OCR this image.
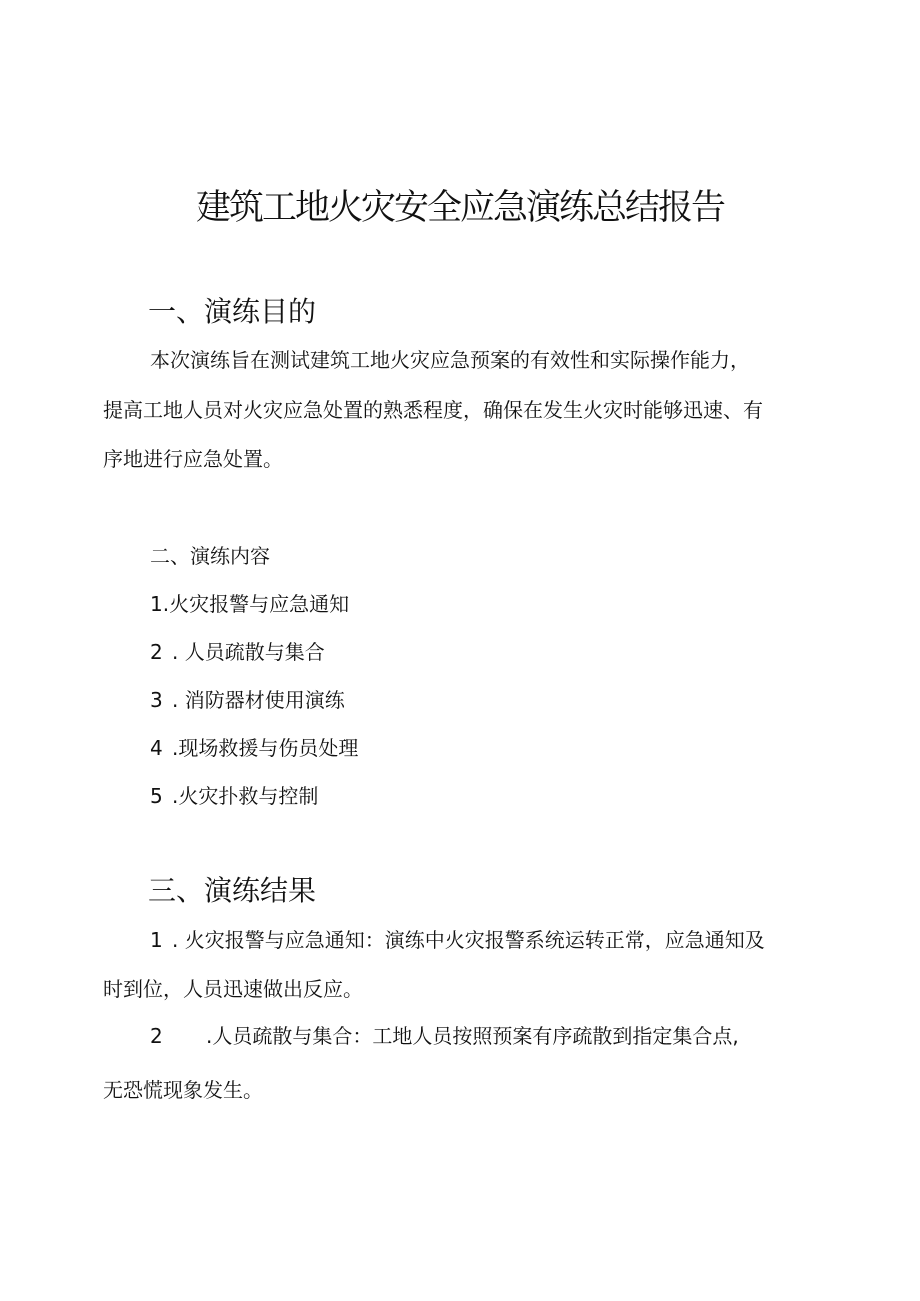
建筑工地火灾安全应急演练总结报告
一、演练目的
本次演练旨在测试建筑工地火灾应急预案的有效性和实际操作能力，
提高工地人员对火灾应急处置的熟悉程度，确保在发生火灾时能够迅速、有
序地进行应急处置。
二、演练内容
1.火灾报警与应急通知
2 . 人员疏散与集合
3 . 消防器材使用演练
4 .现场救援与伤员处理
5 .火灾扑救与控制
三、演练结果
1 . 火灾报警与应急通知：演练中火灾报警系统运转正常，应急通知及
时到位，人员迅速做出反应。
2 .人员疏散与集合：工地人员按照预案有序疏散到指定集合点,
无恐慌现象发生。
